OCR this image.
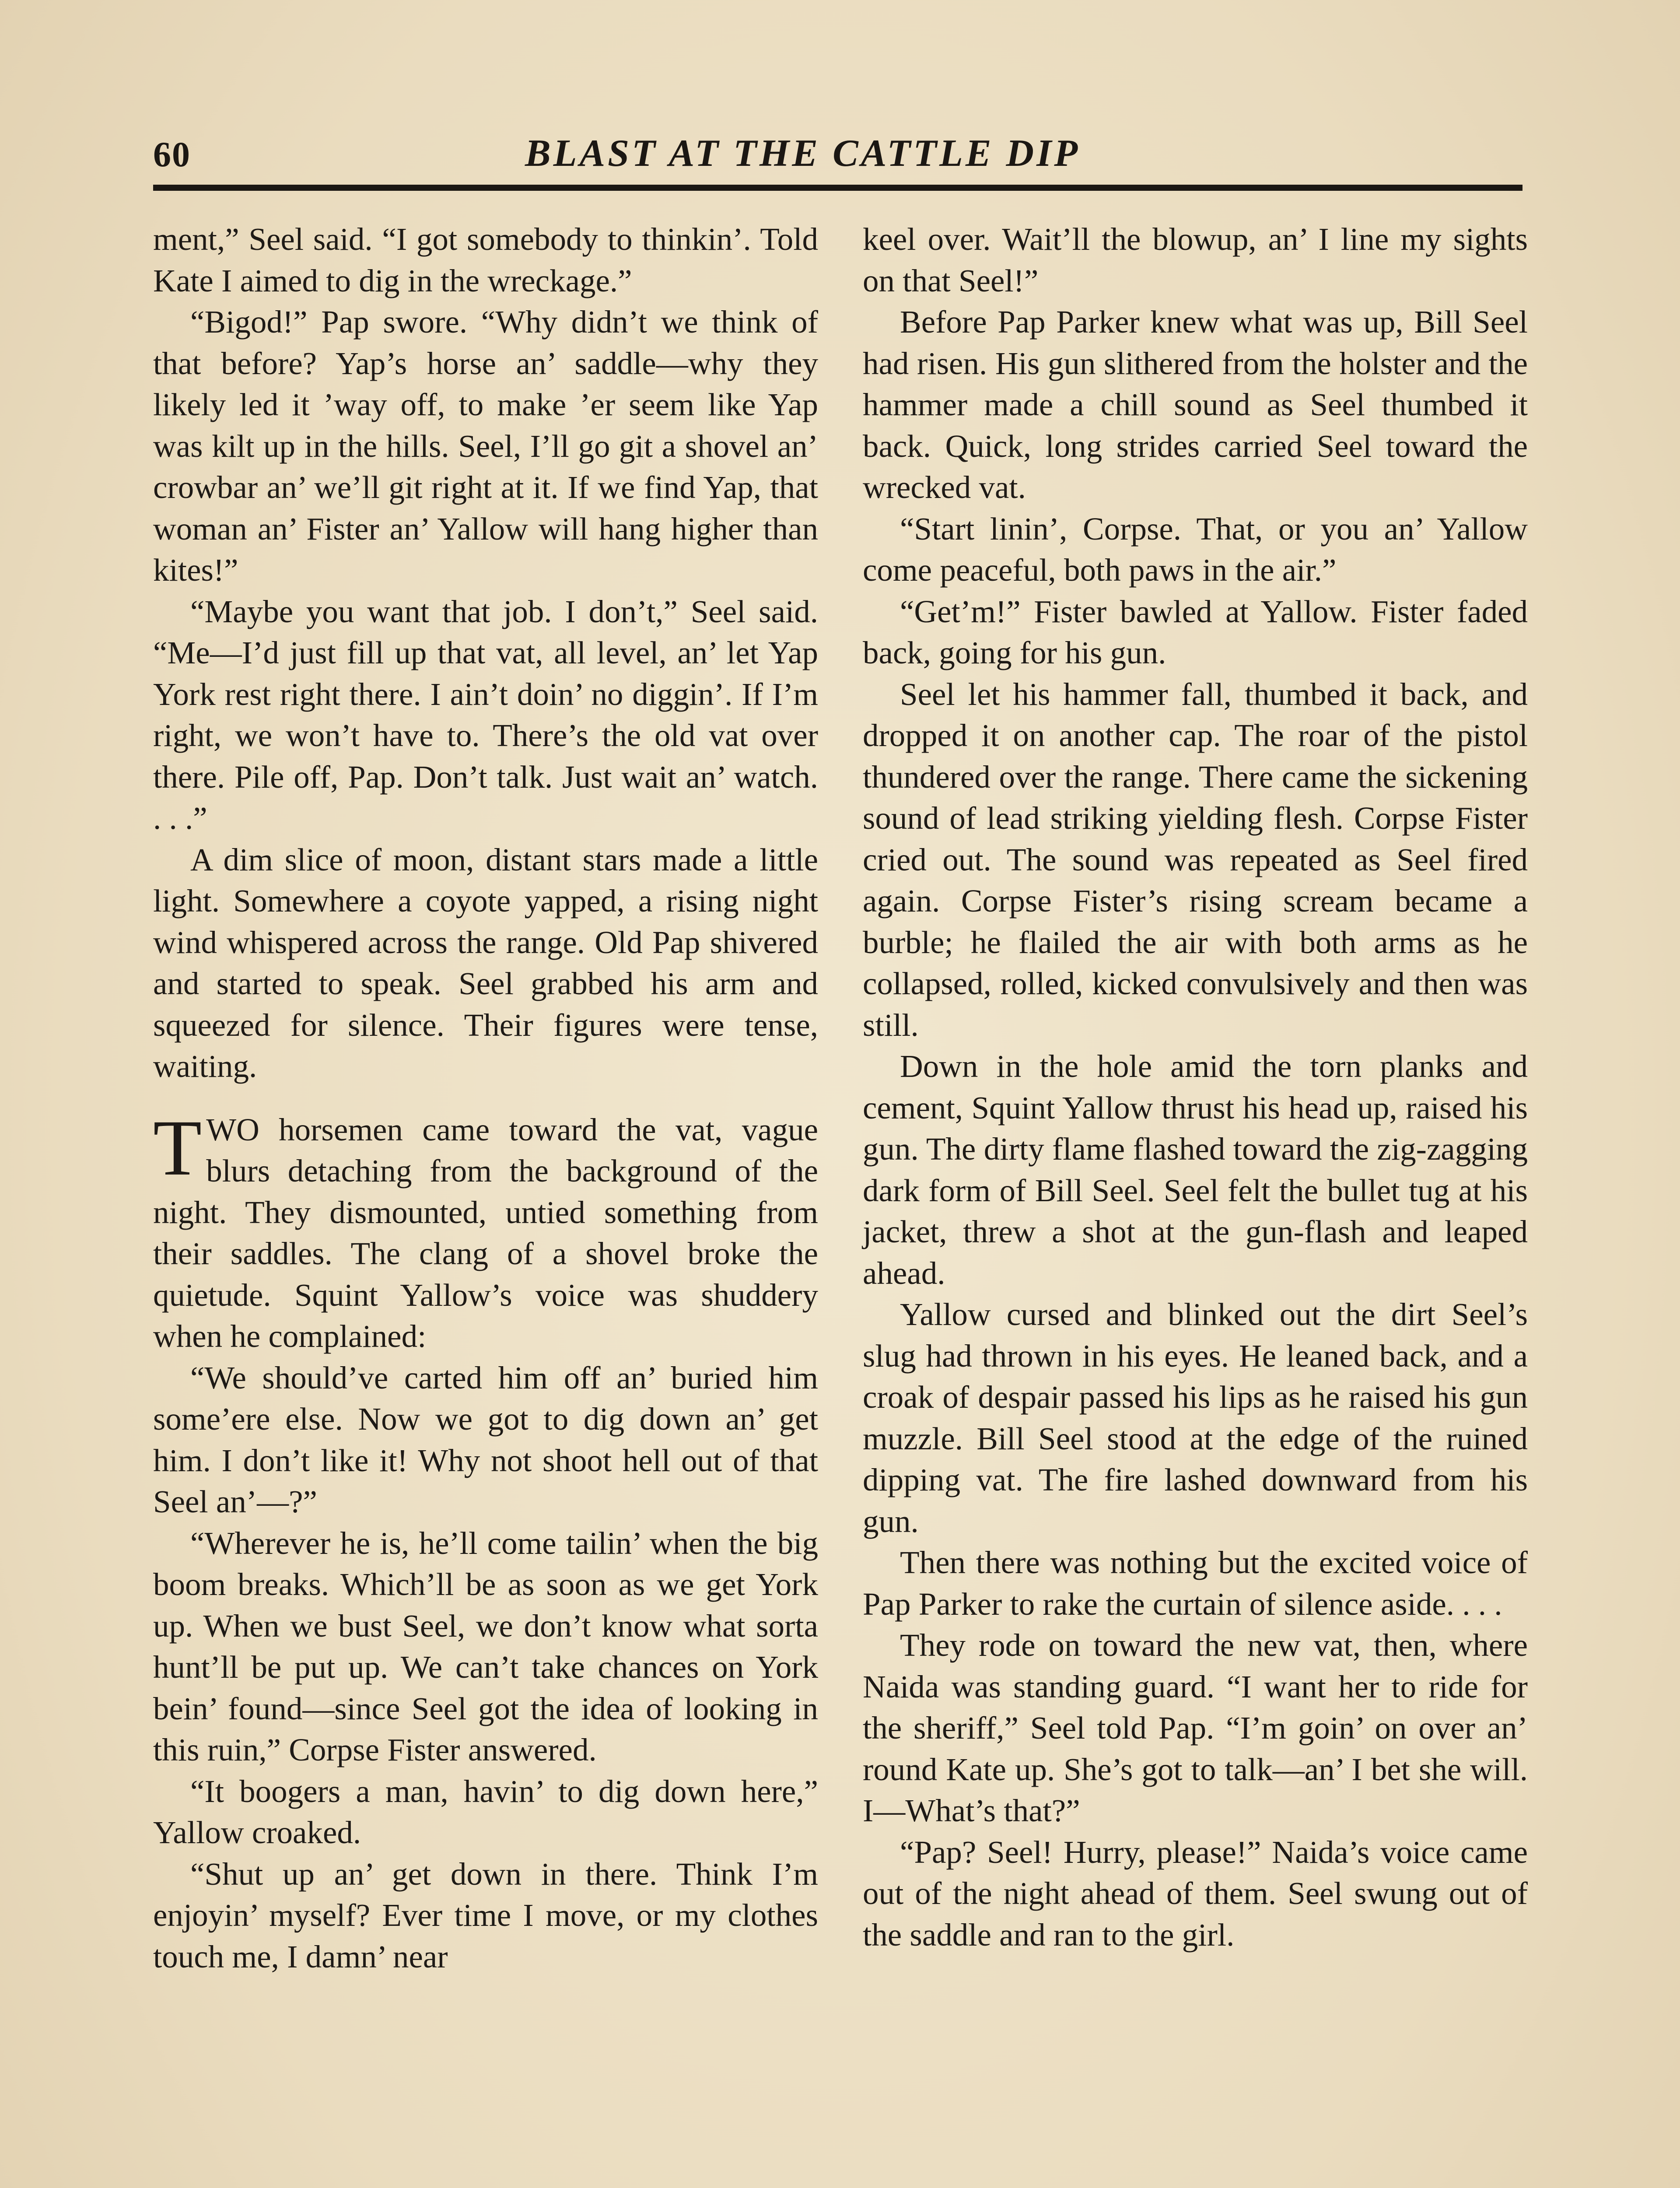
60	BLAST AT THE CATTLE DIP

ment,” Seel said. “I got somebody to thinkin’. Told Kate I aimed to dig in the wreckage.”

“Bigod!” Pap swore. “Why didn’t we think of that before? Yap’s horse an’ saddle—why they likely led it ’way off, to make ’er seem like Yap was kilt up in the hills. Seel, I’ll go git a shovel an’ crowbar an’ we’ll git right at it. If we find Yap, that woman an’ Fister an’ Yallow will hang higher than kites!”

“Maybe you want that job. I don’t,” Seel said. “Me—I’d just fill up that vat, all level, an’ let Yap York rest right there. I ain’t doin’ no diggin’. If I’m right, we won’t have to. There’s the old vat over there. Pile off, Pap. Don’t talk. Just wait an’ watch. . . .”

A dim slice of moon, distant stars made a little light. Somewhere a coyote yapped, a rising night wind whispered across the range. Old Pap shivered and started to speak. Seel grabbed his arm and squeezed for silence. Their figures were tense, waiting.

TWO horsemen came toward the vat, vague blurs detaching from the background of the night. They dismounted, untied something from their saddles. The clang of a shovel broke the quietude. Squint Yallow’s voice was shuddery when he complained:

“We should’ve carted him off an’ buried him some’ere else. Now we got to dig down an’ get him. I don’t like it! Why not shoot hell out of that Seel an’—?”

“Wherever he is, he’ll come tailin’ when the big boom breaks. Which’ll be as soon as we get York up. When we bust Seel, we don’t know what sorta hunt’ll be put up. We can’t take chances on York bein’ found—since Seel got the idea of looking in this ruin,” Corpse Fister answered.

“It boogers a man, havin’ to dig down here,” Yallow croaked.

“Shut up an’ get down in there. Think I’m enjoyin’ myself? Ever time I move, or my clothes touch me, I damn’ near

keel over. Wait’ll the blowup, an’ I line my sights on that Seel!”

Before Pap Parker knew what was up, Bill Seel had risen. His gun slithered from the holster and the hammer made a chill sound as Seel thumbed it back. Quick, long strides carried Seel toward the wrecked vat.

“Start linin’, Corpse. That, or you an’ Yallow come peaceful, both paws in the air.”

“Get’m!” Fister bawled at Yallow. Fister faded back, going for his gun.

Seel let his hammer fall, thumbed it back, and dropped it on another cap. The roar of the pistol thundered over the range. There came the sickening sound of lead striking yielding flesh. Corpse Fister cried out. The sound was repeated as Seel fired again. Corpse Fister’s rising scream became a burble; he flailed the air with both arms as he collapsed, rolled, kicked convulsively and then was still.

Down in the hole amid the torn planks and cement, Squint Yallow thrust his head up, raised his gun. The dirty flame flashed toward the zig-zagging dark form of Bill Seel. Seel felt the bullet tug at his jacket, threw a shot at the gun-flash and leaped ahead.

Yallow cursed and blinked out the dirt Seel’s slug had thrown in his eyes. He leaned back, and a croak of despair passed his lips as he raised his gun muzzle. Bill Seel stood at the edge of the ruined dipping vat. The fire lashed downward from his gun.

Then there was nothing but the excited voice of Pap Parker to rake the curtain of silence aside. . . .

They rode on toward the new vat, then, where Naida was standing guard. “I want her to ride for the sheriff,” Seel told Pap. “I’m goin’ on over an’ round Kate up. She’s got to talk—an’ I bet she will. I—What’s that?”

“Pap? Seel! Hurry, please!” Naida’s voice came out of the night ahead of them. Seel swung out of the saddle and ran to the girl.
